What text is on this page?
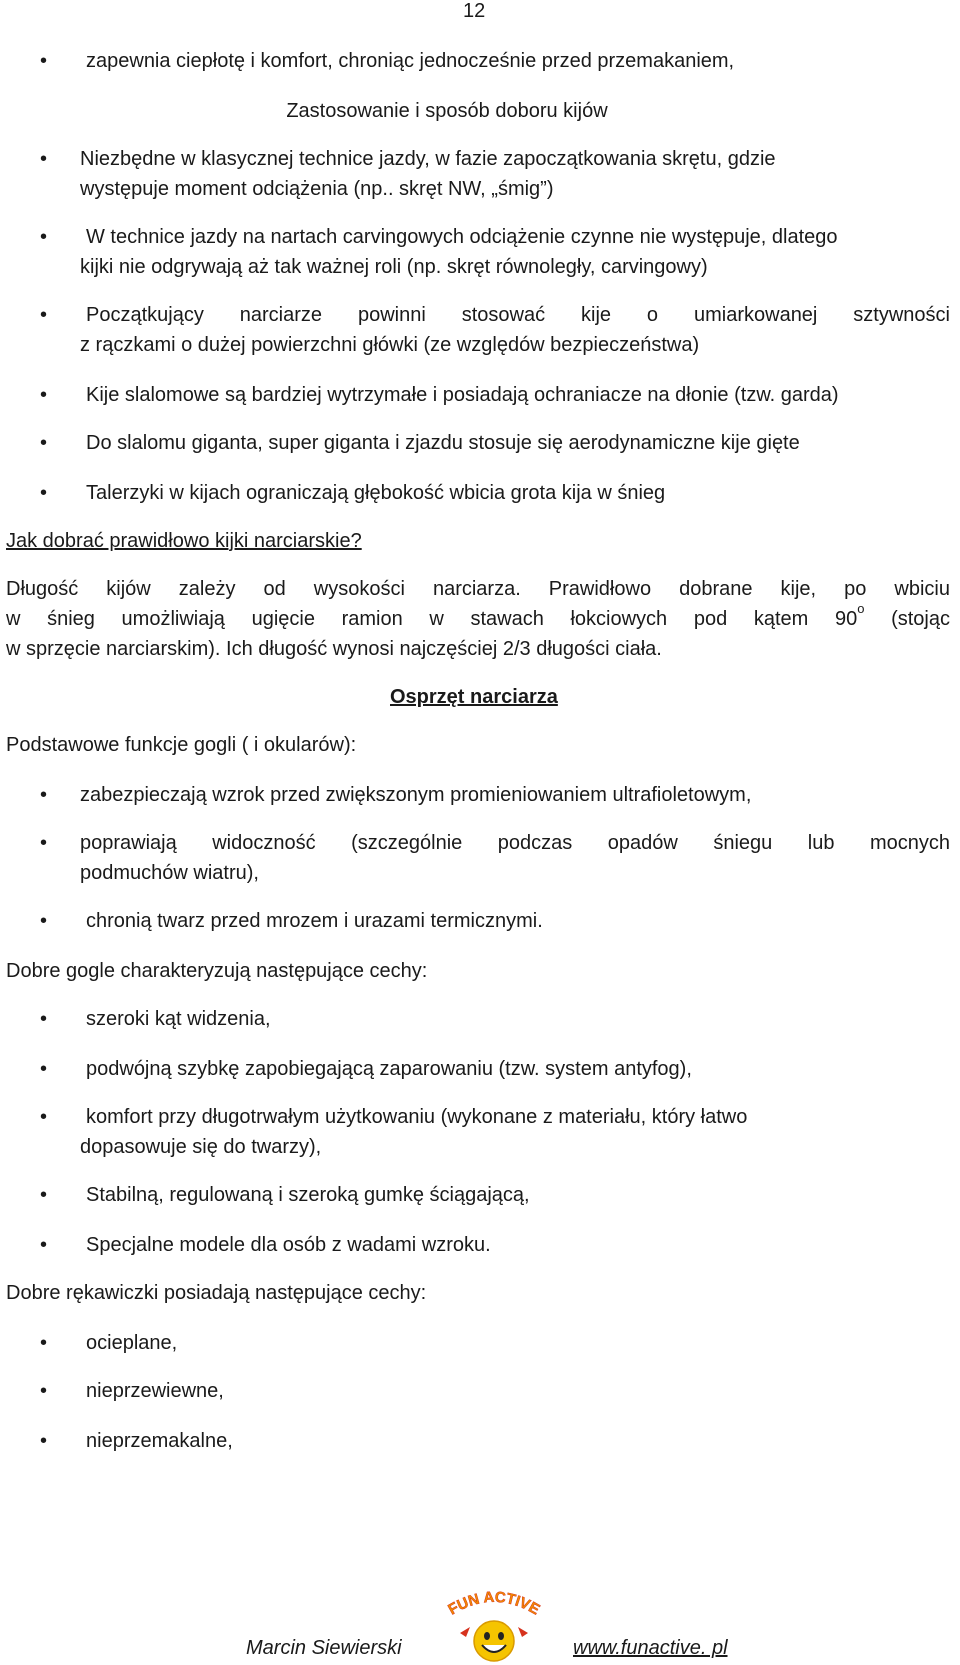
12
• zapewnia ciepłotę i komfort, chroniąc jednocześnie przed przemakaniem,
Zastosowanie i sposób doboru kijów
• Niezbędne w klasycznej technice jazdy, w fazie zapoczątkowania skrętu, gdzie
występuje moment odciążenia (np.. skręt NW, „śmig”)
• W technice jazdy na nartach carvingowych odciążenie czynne nie występuje, dlatego
kijki nie odgrywają aż tak ważnej roli (np. skręt równoległy, carvingowy)
• Początkujący narciarze powinni stosować kije o umiarkowanej sztywności
z rączkami o dużej powierzchni główki (ze względów bezpieczeństwa)
• Kije slalomowe są bardziej wytrzymałe i posiadają ochraniacze na dłonie (tzw. garda)
• Do slalomu giganta, super giganta i zjazdu stosuje się aerodynamiczne kije gięte
• Talerzyki w kijach ograniczają głębokość wbicia grota kija w śnieg
Jak dobrać prawidłowo kijki narciarskie?
Długość kijów zależy od wysokości narciarza. Prawidłowo dobrane kije, po wbiciu
w śnieg umożliwiają ugięcie ramion w stawach łokciowych pod kątem 90$^o$ (stojąc
w sprzęcie narciarskim). Ich długość wynosi najczęściej 2/3 długości ciała.
Osprzęt narciarza
Podstawowe funkcje gogli ( i okularów):
• zabezpieczają wzrok przed zwiększonym promieniowaniem ultrafioletowym,
• poprawiają widoczność (szczególnie podczas opadów śniegu lub mocnych
podmuchów wiatru),
• chronią twarz przed mrozem i urazami termicznymi.
Dobre gogle charakteryzują następujące cechy:
• szeroki kąt widzenia,
• podwójną szybkę zapobiegającą zaparowaniu (tzw. system antyfog),
• komfort przy długotrwałym użytkowaniu (wykonane z materiału, który łatwo
dopasowuje się do twarzy),
• Stabilną, regulowaną i szeroką gumkę ściągającą,
• Specjalne modele dla osób z wadami wzroku.
Dobre rękawiczki posiadają następujące cechy:
• ocieplane,
• nieprzewiewne,
• nieprzemakalne,
Marcin Siewierski
FUN ACTIVE
www.funactive. pl
